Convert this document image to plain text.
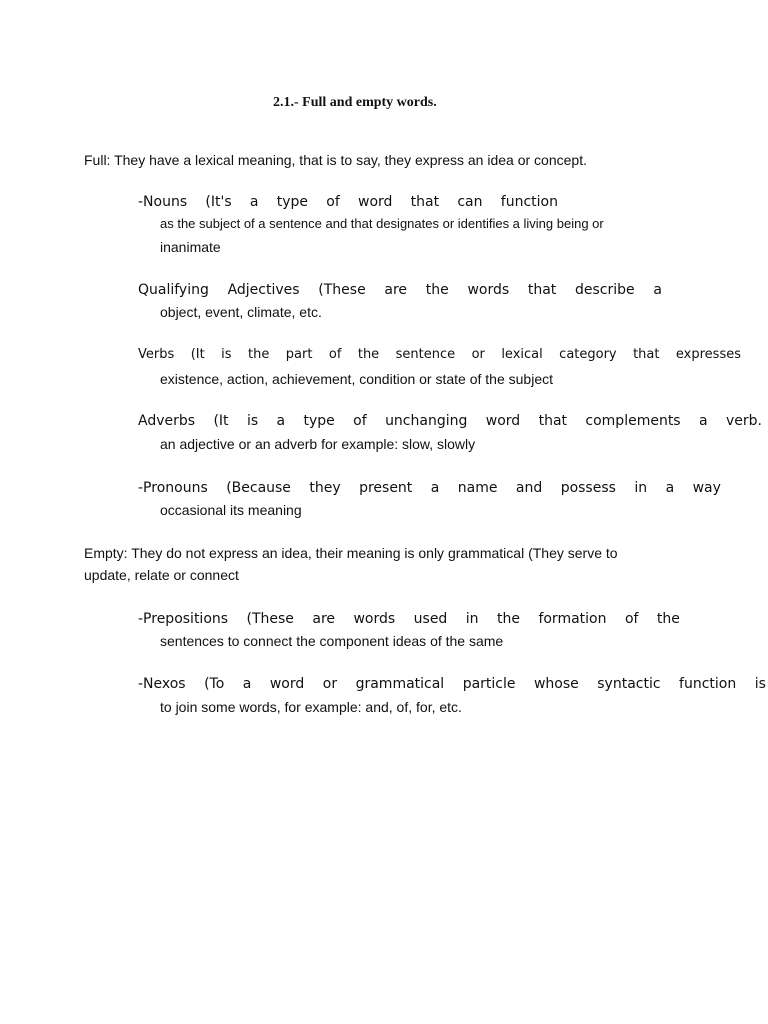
2.1.- Full and empty words.
Full: They have a lexical meaning, that is to say, they express an idea or concept.
-Nouns (It's a type of word that can function
as the subject of a sentence and that designates or identifies a living being or
inanimate
Qualifying Adjectives (These are the words that describe a
object, event, climate, etc.
Verbs (It is the part of the sentence or lexical category that expresses
existence, action, achievement, condition or state of the subject
Adverbs (It is a type of unchanging word that complements a verb.
an adjective or an adverb for example: slow, slowly
-Pronouns (Because they present a name and possess in a way
occasional its meaning
Empty: They do not express an idea, their meaning is only grammatical (They serve to
update, relate or connect
-Prepositions (These are words used in the formation of the
sentences to connect the component ideas of the same
-Nexos (To a word or grammatical particle whose syntactic function is
to join some words, for example: and, of, for, etc.
